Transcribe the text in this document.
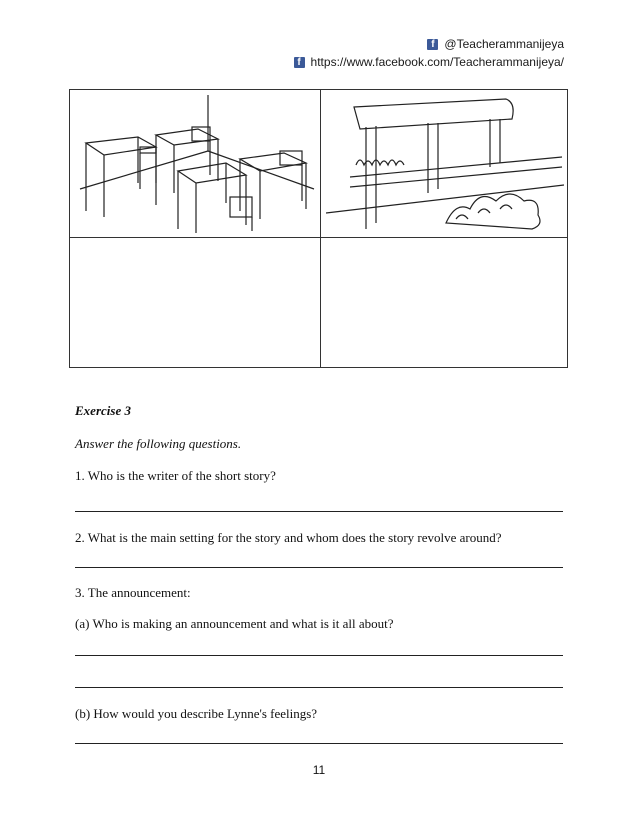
f @Teacherammanijeya
f https://www.facebook.com/Teacherammanijeya/
Exercise 3
Answer the following questions.
1. Who is the writer of the short story?
2. What is the main setting for the story and whom does the story revolve around?
3. The announcement:
(a) Who is making an announcement and what is it all about?
(b) How would you describe Lynne's feelings?
11
